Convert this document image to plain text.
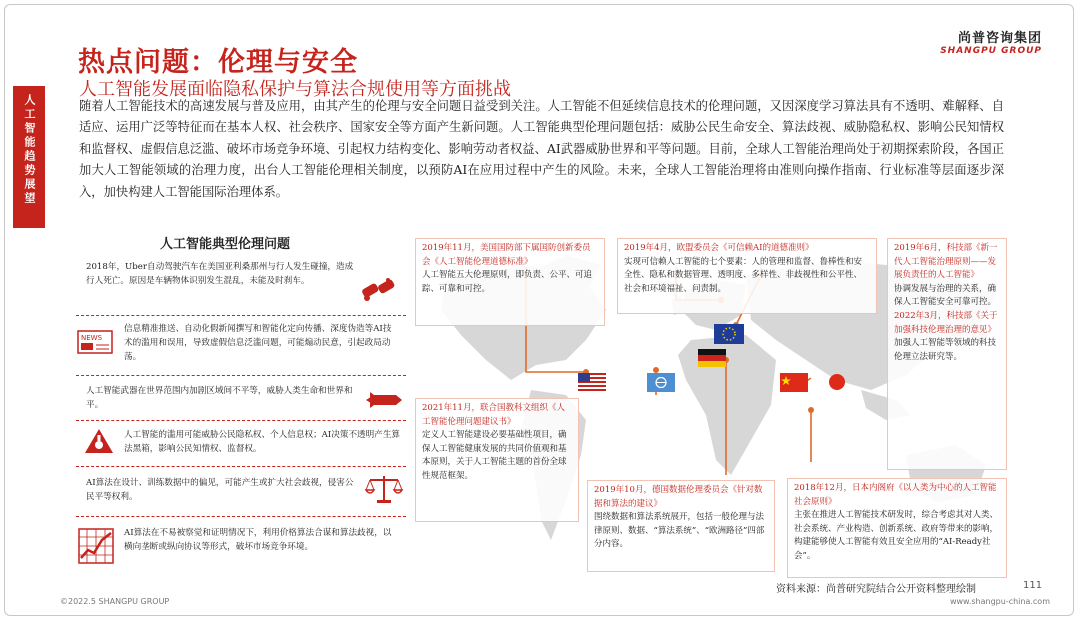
人工智能趋势展望
热点问题：伦理与安全
人工智能发展面临隐私保护与算法合规使用等方面挑战
尚普咨询集团
SHANGPU GROUP
随着人工智能技术的高速发展与普及应用，由其产生的伦理与安全问题日益受到关注。人工智能不但延续信息技术的伦理问题，又因深度学习算法具有不透明、难解释、自适应、运用广泛等特征而在基本人权、社会秩序、国家安全等方面产生新问题。人工智能典型伦理问题包括：威胁公民生命安全、算法歧视、威胁隐私权、影响公民知情权和监督权、虚假信息泛滥、破坏市场竞争环境、引起权力结构变化、影响劳动者权益、AI武器威胁世界和平等问题。目前，全球人工智能治理尚处于初期探索阶段，各国正加大人工智能领域的治理力度，出台人工智能伦理相关制度，以预防AI在应用过程中产生的风险。未来，全球人工智能治理将由准则向操作指南、行业标准等层面逐步深入，加快构建人工智能国际治理体系。
人工智能典型伦理问题
2018年，Uber自动驾驶汽车在美国亚利桑那州与行人发生碰撞，造成行人死亡。原因是车辆物体识别发生混乱，未能及时刹车。
NEWS
信息精准推送、自动化假新闻撰写和智能化定向传播、深度伪造等AI技术的滥用和误用，导致虚假信息泛滥问题，可能煽动民意，引起政局动荡。
人工智能武器在世界范围内加剧区域间不平等，威胁人类生命和世界和平。
人工智能的滥用可能威胁公民隐私权、个人信息权；AI决策不透明产生算法黑箱，影响公民知情权、监督权。
AI算法在设计、训练数据中的偏见，可能产生或扩大社会歧视，侵害公民平等权利。
AI算法在不易被察觉和证明情况下，利用价格算法合谋和算法歧视，以横向垄断或纵向协议等形式，破坏市场竞争环境。
2019年11月，美国国防部下属国防创新委员会《人工智能伦理道德标准》
人工智能五大伦理原则，即负责、公平、可追踪、可靠和可控。
2019年4月，欧盟委员会《可信赖AI的道德准则》
实现可信赖人工智能的七个要素：人的管理和监督、鲁棒性和安全性、隐私和数据管理、透明度、多样性、非歧视性和公平性、社会和环境福祉、问责制。
2019年6月，科技部《新一代人工智能治理原则——发展负责任的人工智能》
协调发展与治理的关系，确保人工智能安全可靠可控。
2022年3月，科技部《关于加强科技伦理治理的意见》
加强人工智能等领域的科技伦理立法研究等。
2021年11月，联合国教科文组织《人工智能伦理问题建议书》
定义人工智能建设必要基础性项目，确保人工智能健康发展的共同价值观和基本原则，关于人工智能主题的首份全球性规范框架。
2019年10月，德国数据伦理委员会《针对数据和算法的建议》
围绕数据和算法系统展开，包括一般伦理与法律原则、数据、“算法系统”、“欧洲路径”四部分内容。
2018年12月，日本内阁府《以人类为中心的人工智能社会原则》
主张在推进人工智能技术研发时，综合考虑其对人类、社会系统、产业构造、创新系统、政府等带来的影响，构建能够使人工智能有效且安全应用的“AI-Ready社会”。
资料来源：尚普研究院结合公开资料整理绘制	111
©2022.5 SHANGPU GROUP	www.shangpu-china.com
